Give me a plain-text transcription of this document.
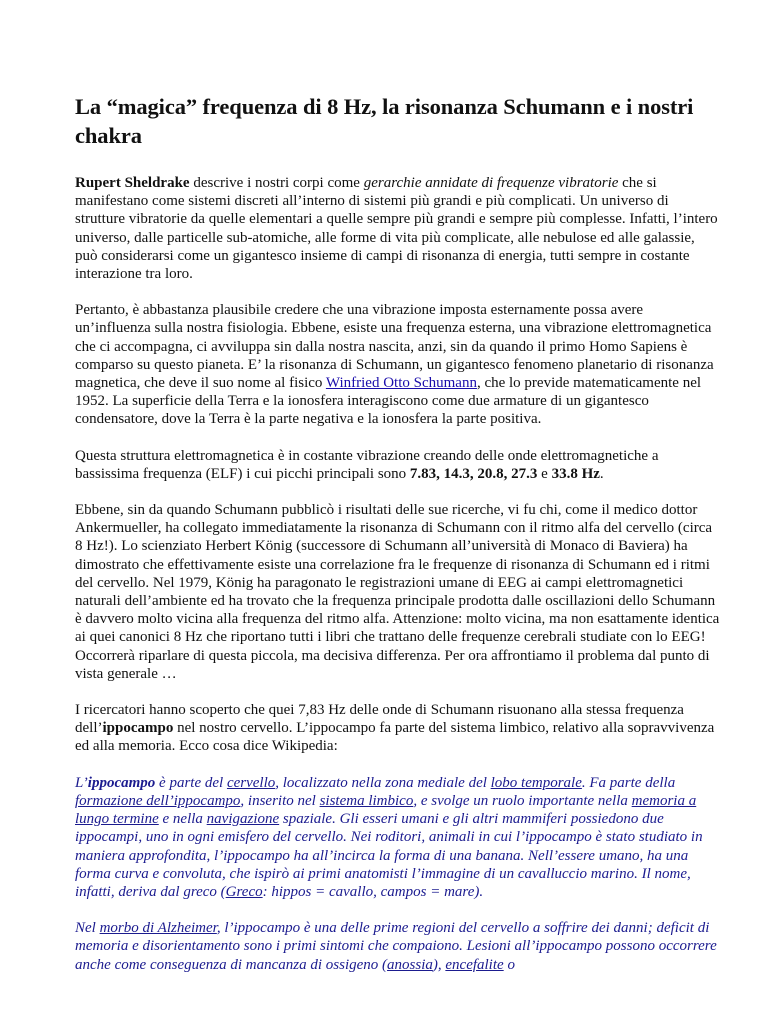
La “magica” frequenza di 8 Hz, la risonanza Schumann e i nostri chakra

Rupert Sheldrake descrive i nostri corpi come gerarchie annidate di frequenze vibratorie che si manifestano come sistemi discreti all’interno di sistemi più grandi e più complicati. Un universo di strutture vibratorie da quelle elementari a quelle sempre più grandi e sempre più complesse. Infatti, l’intero universo, dalle particelle sub-atomiche, alle forme di vita più complicate, alle nebulose ed alle galassie, può considerarsi come un gigantesco insieme di campi di risonanza di energia, tutti sempre in costante interazione tra loro.

Pertanto, è abbastanza plausibile credere che una vibrazione imposta esternamente possa avere un’influenza sulla nostra fisiologia. Ebbene, esiste una frequenza esterna, una vibrazione elettromagnetica che ci accompagna, ci avviluppa sin dalla nostra nascita, anzi, sin da quando il primo Homo Sapiens è comparso su questo pianeta. E’ la risonanza di Schumann, un gigantesco fenomeno planetario di risonanza magnetica, che deve il suo nome al fisico Winfried Otto Schumann, che lo previde matematicamente nel 1952. La superficie della Terra e la ionosfera interagiscono come due armature di un gigantesco condensatore, dove la Terra è la parte negativa e la ionosfera la parte positiva.

Questa struttura elettromagnetica è in costante vibrazione creando delle onde elettromagnetiche a bassissima frequenza (ELF) i cui picchi principali sono 7.83, 14.3, 20.8, 27.3 e 33.8 Hz.

Ebbene, sin da quando Schumann pubblicò i risultati delle sue ricerche, vi fu chi, come il medico dottor Ankermueller, ha collegato immediatamente la risonanza di Schumann con il ritmo alfa del cervello (circa 8 Hz!). Lo scienziato Herbert König (successore di Schumann all’università di Monaco di Baviera) ha dimostrato che effettivamente esiste una correlazione fra le frequenze di risonanza di Schumann ed i ritmi del cervello. Nel 1979, König ha paragonato le registrazioni umane di EEG ai campi elettromagnetici naturali dell’ambiente ed ha trovato che la frequenza principale prodotta dalle oscillazioni dello Schumann è davvero molto vicina alla frequenza del ritmo alfa. Attenzione: molto vicina, ma non esattamente identica ai quei canonici 8 Hz che riportano tutti i libri che trattano delle frequenze cerebrali studiate con lo EEG! Occorrerà riparlare di questa piccola, ma decisiva differenza. Per ora affrontiamo il problema dal punto di vista generale …

I ricercatori hanno scoperto che quei 7,83 Hz delle onde di Schumann risuonano alla stessa frequenza dell’ippocampo nel nostro cervello. L’ippocampo fa parte del sistema limbico, relativo alla sopravvivenza ed alla memoria. Ecco cosa dice Wikipedia:

L’ippocampo è parte del cervello, localizzato nella zona mediale del lobo temporale. Fa parte della formazione dell’ippocampo, inserito nel sistema limbico, e svolge un ruolo importante nella memoria a lungo termine e nella navigazione spaziale. Gli esseri umani e gli altri mammiferi possiedono due ippocampi, uno in ogni emisfero del cervello. Nei roditori, animali in cui l’ippocampo è stato studiato in maniera approfondita, l’ippocampo ha all’incirca la forma di una banana. Nell’essere umano, ha una forma curva e convoluta, che ispirò ai primi anatomisti l’immagine di un cavalluccio marino. Il nome, infatti, deriva dal greco (Greco: hippos = cavallo, campos = mare).

Nel morbo di Alzheimer, l’ippocampo è una delle prime regioni del cervello a soffrire dei danni; deficit di memoria e disorientamento sono i primi sintomi che compaiono. Lesioni all’ippocampo possono occorrere anche come conseguenza di mancanza di ossigeno (anossia), encefalite o
